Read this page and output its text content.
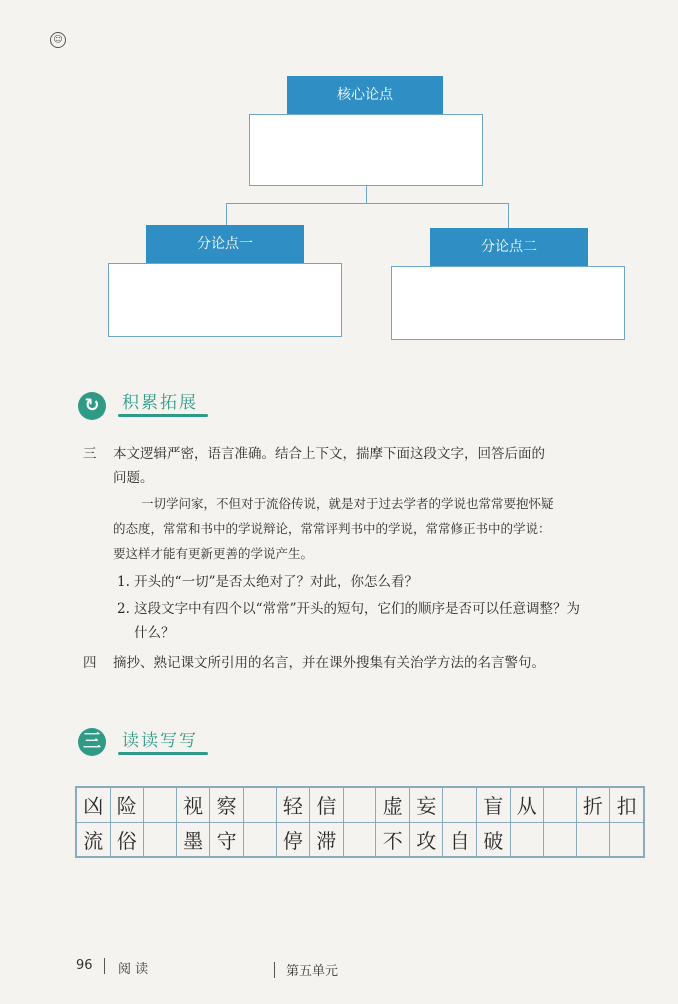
☺
核心论点
分论点一	分论点二
↻	积累拓展
三 本文逻辑严密，语言准确。结合上下文，揣摩下面这段文字，回答后面的
问题。
一切学问家，不但对于流俗传说，就是对于过去学者的学说也常常要抱怀疑
的态度，常常和书中的学说辩论，常常评判书中的学说，常常修正书中的学说：
要这样才能有更新更善的学说产生。
1. 开头的“一切”是否太绝对了？对此，你怎么看？
2. 这段文字中有四个以“常常”开头的短句，它们的顺序是否可以任意调整？为
什么？
四 摘抄、熟记课文所引用的名言，并在课外搜集有关治学方法的名言警句。
三 读读写写
凶	险		视	察		轻	信		虚	妄		盲	从		折	扣
流	俗		墨	守		停	滞		不	攻	自	破				
96 阅 读	第五单元
